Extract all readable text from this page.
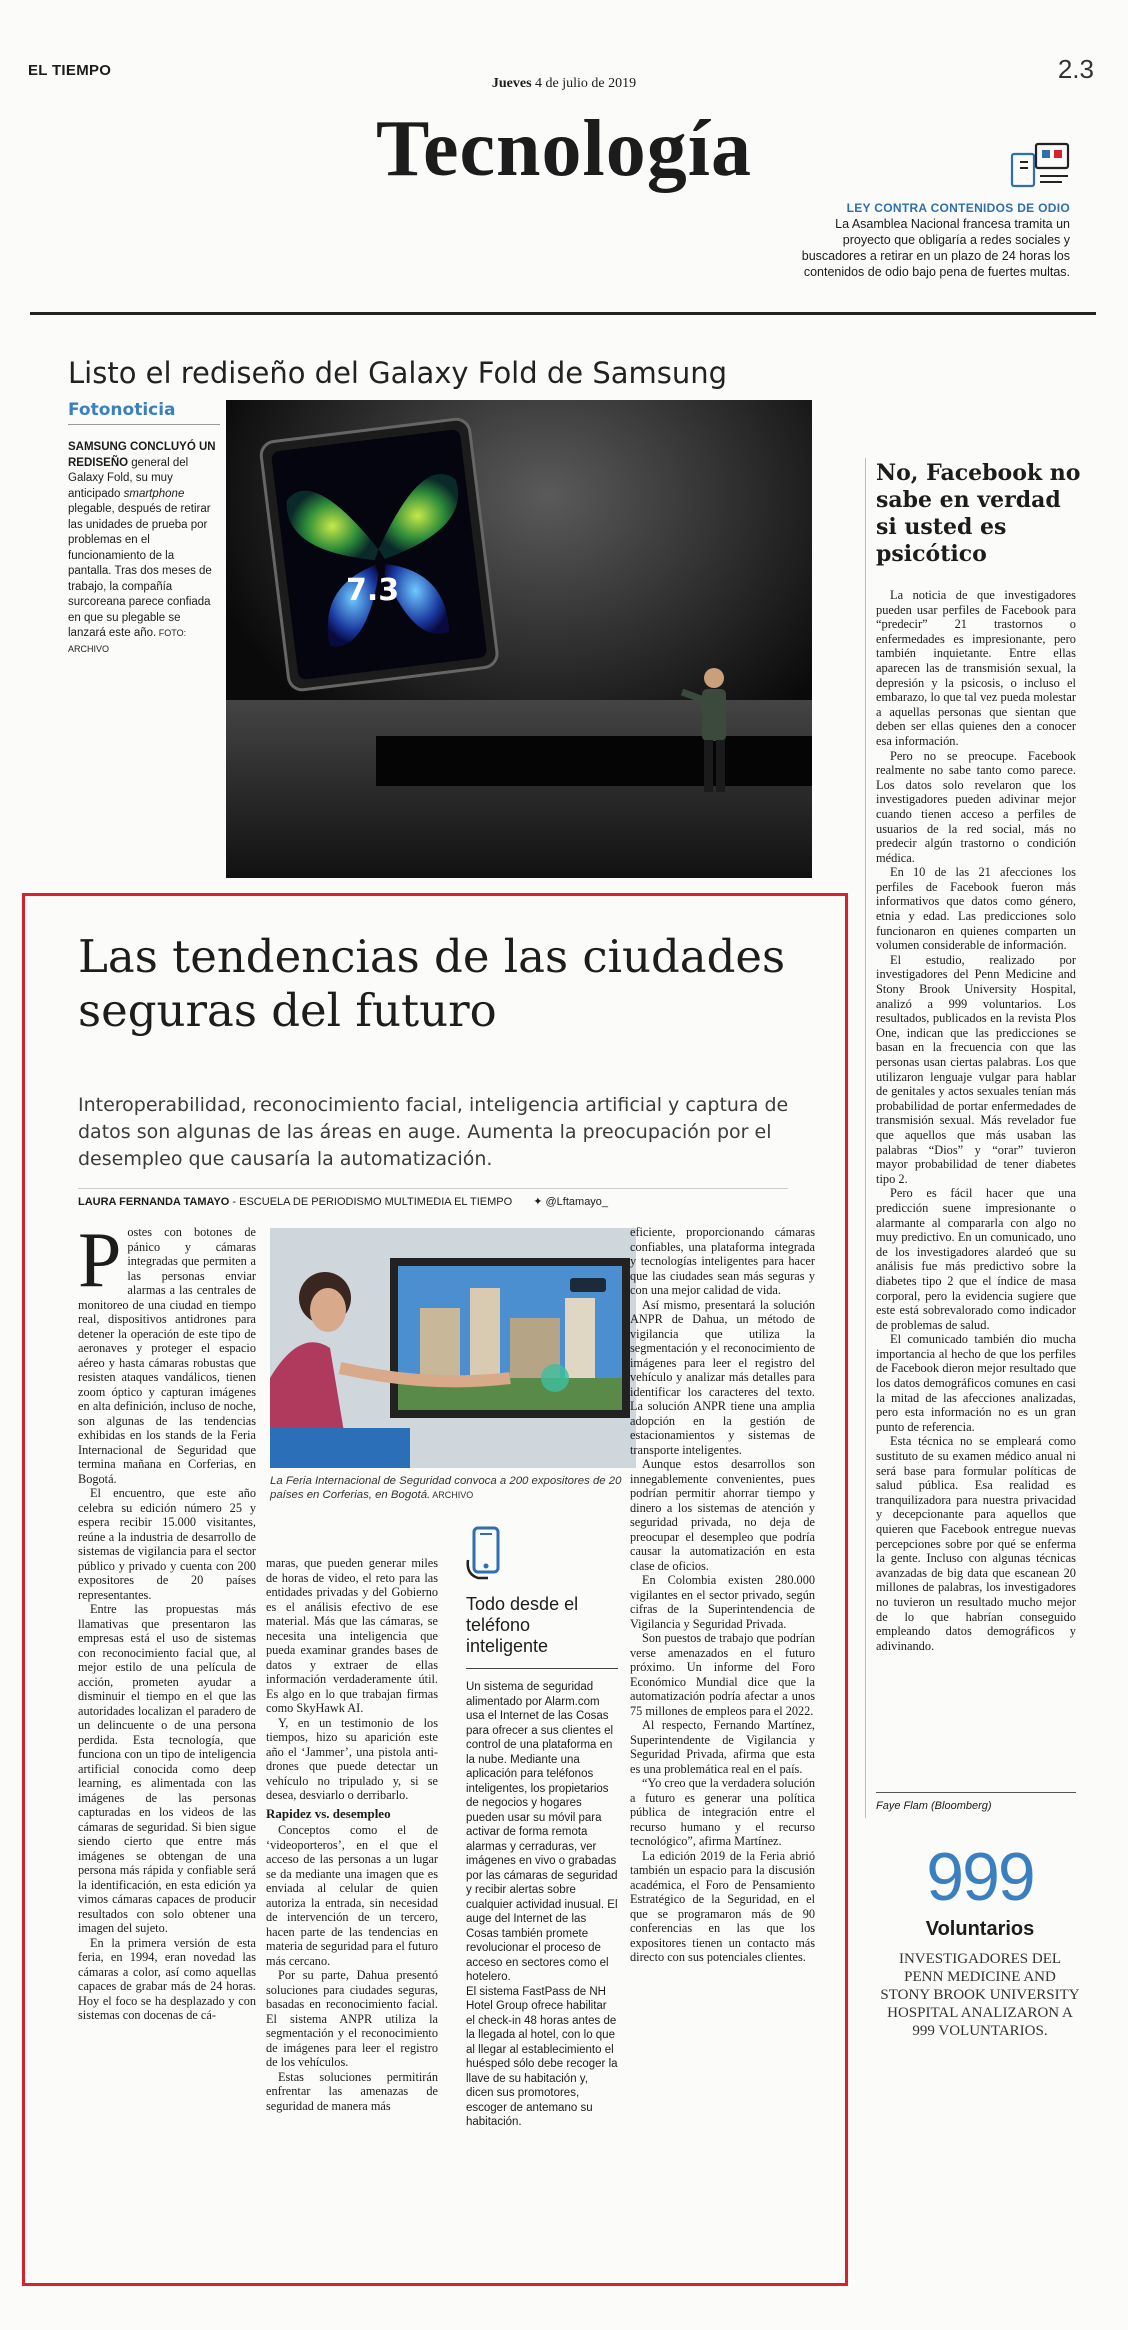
EL TIEMPO
Jueves 4 de julio de 2019	2.3
Tecnología
LEY CONTRA CONTENIDOS DE ODIO
La Asamblea Nacional francesa tramita un proyecto que obligaría a redes sociales y buscadores a retirar en un plazo de 24 horas los contenidos de odio bajo pena de fuertes multas.
Listo el rediseño del Galaxy Fold de Samsung
Fotonoticia
SAMSUNG CONCLUYÓ UN REDISEÑO general del Galaxy Fold, su muy anticipado smartphone plegable, después de retirar las unidades de prueba por problemas en el funcionamiento de la pantalla. Tras dos meses de trabajo, la compañía surcoreana parece confiada en que su plegable se lanzará este año. FOTO: ARCHIVO
7.3
No, Facebook no sabe en verdad si usted es psicótico

La noticia de que investigadores pueden usar perfiles de Facebook para “predecir” 21 trastornos o enfermedades es impresionante, pero también inquietante. Entre ellas aparecen las de transmisión sexual, la depresión y la psicosis, o incluso el embarazo, lo que tal vez pueda molestar a aquellas personas que sientan que deben ser ellas quienes den a conocer esa información.

Pero no se preocupe. Facebook realmente no sabe tanto como parece. Los datos solo revelaron que los investigadores pueden adivinar mejor cuando tienen acceso a perfiles de usuarios de la red social, más no predecir algún trastorno o condición médica.

En 10 de las 21 afecciones los perfiles de Facebook fueron más informativos que datos como género, etnia y edad. Las predicciones solo funcionaron en quienes comparten un volumen considerable de información.

El estudio, realizado por investigadores del Penn Medicine and Stony Brook University Hospital, analizó a 999 voluntarios. Los resultados, publicados en la revista Plos One, indican que las predicciones se basan en la frecuencia con que las personas usan ciertas palabras. Los que utilizaron lenguaje vulgar para hablar de genitales y actos sexuales tenían más probabilidad de portar enfermedades de transmisión sexual. Más revelador fue que aquellos que más usaban las palabras “Dios” y “orar” tuvieron mayor probabilidad de tener diabetes tipo 2.

Pero es fácil hacer que una predicción suene impresionante o alarmante al compararla con algo no muy predictivo. En un comunicado, uno de los investigadores alardeó que su análisis fue más predictivo sobre la diabetes tipo 2 que el índice de masa corporal, pero la evidencia sugiere que este está sobrevalorado como indicador de problemas de salud.

El comunicado también dio mucha importancia al hecho de que los perfiles de Facebook dieron mejor resultado que los datos demográficos comunes en casi la mitad de las afecciones analizadas, pero esta información no es un gran punto de referencia.

Esta técnica no se empleará como sustituto de su examen médico anual ni será base para formular políticas de salud pública. Esa realidad es tranquilizadora para nuestra privacidad y decepcionante para aquellos que quieren que Facebook entregue nuevas percepciones sobre por qué se enferma la gente. Incluso con algunas técnicas avanzadas de big data que escanean 20 millones de palabras, los investigadores no tuvieron un resultado mucho mejor de lo que habrían conseguido empleando datos demográficos y adivinando.

Faye Flam (Bloomberg)
999
Voluntarios
INVESTIGADORES DEL PENN MEDICINE AND STONY BROOK UNIVERSITY HOSPITAL ANALIZARON A 999 VOLUNTARIOS.
Las tendencias de las ciudades seguras del futuro
Interoperabilidad, reconocimiento facial, inteligencia artificial y captura de datos son algunas de las áreas en auge. Aumenta la preocupación por el desempleo que causaría la automatización.
LAURA FERNANDA TAMAYO - ESCUELA DE PERIODISMO MULTIMEDIA EL TIEMPO ✦ @Lftamayo_
P ostes con botones de pánico y cámaras integradas que permiten a las personas enviar alarmas a las centrales de monitoreo de una ciudad en tiempo real, dispositivos antidrones para detener la operación de este tipo de aeronaves y proteger el espacio aéreo y hasta cámaras robustas que resisten ataques vandálicos, tienen zoom óptico y capturan imágenes en alta definición, incluso de noche, son algunas de las tendencias exhibidas en los stands de la Feria Internacional de Seguridad que termina mañana en Corferias, en Bogotá.

El encuentro, que este año celebra su edición número 25 y espera recibir 15.000 visitantes, reúne a la industria de desarrollo de sistemas de vigilancia para el sector público y privado y cuenta con 200 expositores de 20 países representantes.

Entre las propuestas más llamativas que presentaron las empresas está el uso de sistemas con reconocimiento facial que, al mejor estilo de una película de acción, prometen ayudar a disminuir el tiempo en el que las autoridades localizan el paradero de un delincuente o de una persona perdida. Esta tecnología, que funciona con un tipo de inteligencia artificial conocida como deep learning, es alimentada con las imágenes de las personas capturadas en los videos de las cámaras de seguridad. Si bien sigue siendo cierto que entre más imágenes se obtengan de una persona más rápida y confiable será la identificación, en esta edición ya vimos cámaras capaces de producir resultados con solo obtener una imagen del sujeto.

En la primera versión de esta feria, en 1994, eran novedad las cámaras a color, así como aquellas capaces de grabar más de 24 horas. Hoy el foco se ha desplazado y con sistemas con docenas de cá-

La Feria Internacional de Seguridad convoca a 200 expositores de 20 países en Corferias, en Bogotá. ARCHIVO

maras, que pueden generar miles de horas de video, el reto para las entidades privadas y del Gobierno es el análisis efectivo de ese material. Más que las cámaras, se necesita una inteligencia que pueda examinar grandes bases de datos y extraer de ellas información verdaderamente útil. Es algo en lo que trabajan firmas como SkyHawk AI.

Y, en un testimonio de los tiempos, hizo su aparición este año el ‘Jammer’, una pistola anti-drones que puede detectar un vehículo no tripulado y, si se desea, desviarlo o derribarlo.

Rapidez vs. desempleo

Conceptos como el de ‘videoporteros’, en el que el acceso de las personas a un lugar se da mediante una imagen que es enviada al celular de quien autoriza la entrada, sin necesidad de intervención de un tercero, hacen parte de las tendencias en materia de seguridad para el futuro más cercano.

Por su parte, Dahua presentó soluciones para ciudades seguras, basadas en reconocimiento facial. El sistema ANPR utiliza la segmentación y el reconocimiento de imágenes para leer el registro de los vehículos.

Estas soluciones permitirán enfrentar las amenazas de seguridad de manera más

Todo desde el teléfono inteligente

Un sistema de seguridad alimentado por Alarm.com usa el Internet de las Cosas para ofrecer a sus clientes el control de una plataforma en la nube. Mediante una aplicación para teléfonos inteligentes, los propietarios de negocios y hogares pueden usar su móvil para activar de forma remota alarmas y cerraduras, ver imágenes en vivo o grabadas por las cámaras de seguridad y recibir alertas sobre cualquier actividad inusual. El auge del Internet de las Cosas también promete revolucionar el proceso de acceso en sectores como el hotelero.

El sistema FastPass de NH Hotel Group ofrece habilitar el check-in 48 horas antes de la llegada al hotel, con lo que al llegar al establecimiento el huésped sólo debe recoger la llave de su habitación y, dicen sus promotores, escoger de antemano su habitación.

eficiente, proporcionando cámaras confiables, una plataforma integrada y tecnologías inteligentes para hacer que las ciudades sean más seguras y con una mejor calidad de vida.

Así mismo, presentará la solución ANPR de Dahua, un método de vigilancia que utiliza la segmentación y el reconocimiento de imágenes para leer el registro del vehículo y analizar más detalles para identificar los caracteres del texto. La solución ANPR tiene una amplia adopción en la gestión de estacionamientos y sistemas de transporte inteligentes.

Aunque estos desarrollos son innegablemente convenientes, pues podrían permitir ahorrar tiempo y dinero a los sistemas de atención y seguridad privada, no deja de preocupar el desempleo que podría causar la automatización en esta clase de oficios.

En Colombia existen 280.000 vigilantes en el sector privado, según cifras de la Superintendencia de Vigilancia y Seguridad Privada.

Son puestos de trabajo que podrían verse amenazados en el futuro próximo. Un informe del Foro Económico Mundial dice que la automatización podría afectar a unos 75 millones de empleos para el 2022.

Al respecto, Fernando Martínez, Superintendente de Vigilancia y Seguridad Privada, afirma que esta es una problemática real en el país.

“Yo creo que la verdadera solución a futuro es generar una política pública de integración entre el recurso humano y el recurso tecnológico”, afirma Martínez.

La edición 2019 de la Feria abrió también un espacio para la discusión académica, el Foro de Pensamiento Estratégico de la Seguridad, en el que se programaron más de 90 conferencias en las que los expositores tienen un contacto más directo con sus potenciales clientes.
